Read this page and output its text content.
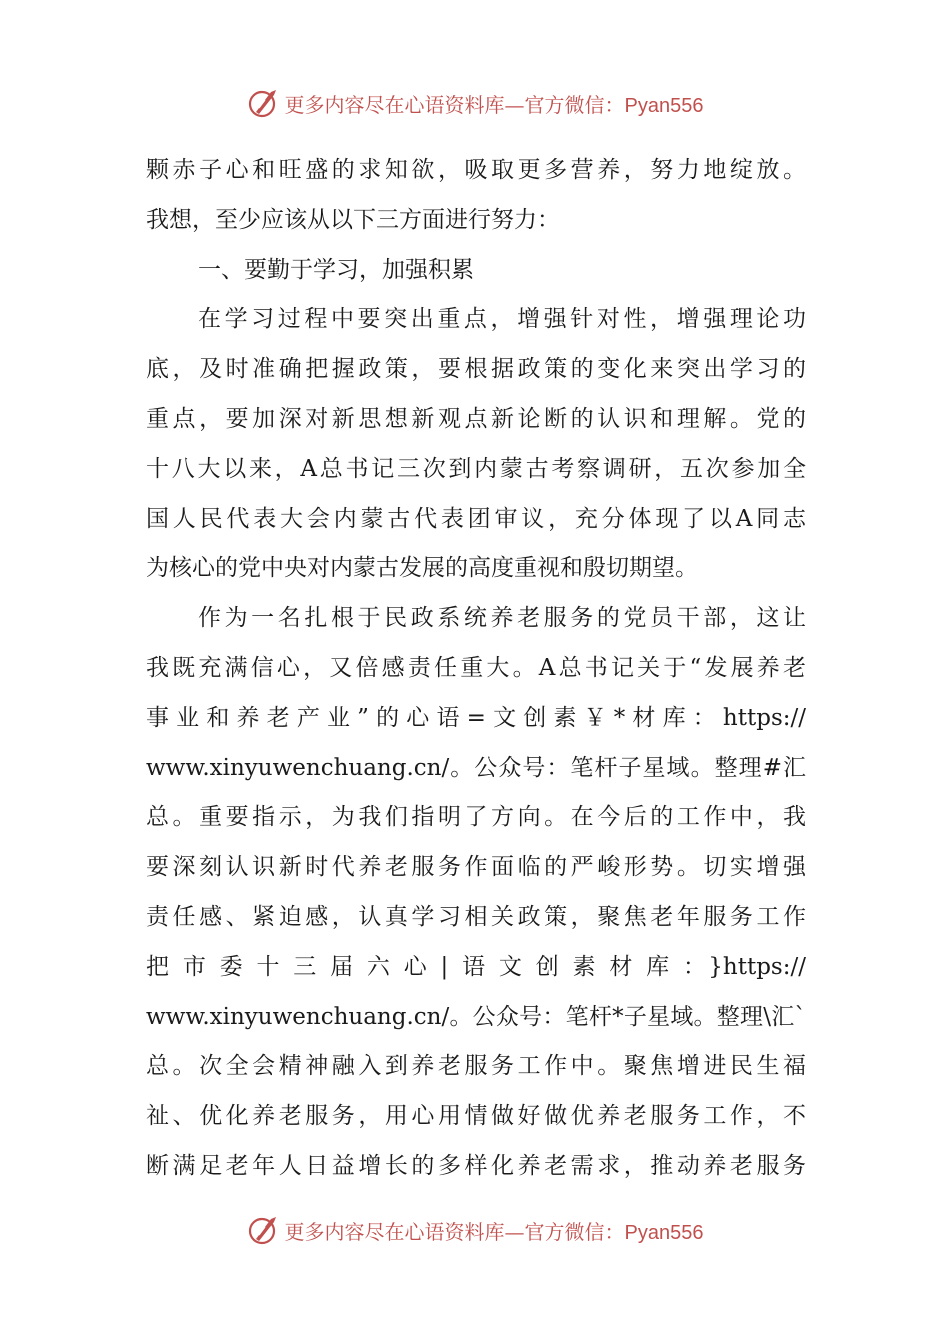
更多内容尽在心语资料库—官方微信：Pyan556
颗赤子心和旺盛的求知欲，吸取更多营养，努力地绽放。
我想，至少应该从以下三方面进行努力：
一、要勤于学习，加强积累
在学习过程中要突出重点，增强针对性，增强理论功
底，及时准确把握政策，要根据政策的变化来突出学习的
重点，要加深对新思想新观点新论断的认识和理解。党的
十八大以来，A总书记三次到内蒙古考察调研，五次参加全
国人民代表大会内蒙古代表团审议，充分体现了以A同志
为核心的党中央对内蒙古发展的高度重视和殷切期望。
作为一名扎根于民政系统养老服务的党员干部，这让
我既充满信心，又倍感责任重大。A总书记关于“发展养老
事业和养老产业”的心语=文创素￥*材库：https://
www.xinyuwenchuang.cn/。公众号：笔杆子星域。整理#汇
总。重要指示，为我们指明了方向。在今后的工作中，我
要深刻认识新时代养老服务作面临的严峻形势。切实增强
责任感、紧迫感，认真学习相关政策，聚焦老年服务工作
把市委十三届六心|语文创素材库：}https://
www.xinyuwenchuang.cn/。公众号：笔杆*子星域。整理\汇`
总。次全会精神融入到养老服务工作中。聚焦增进民生福
祉、优化养老服务，用心用情做好做优养老服务工作，不
断满足老年人日益增长的多样化养老需求，推动养老服务
更多内容尽在心语资料库—官方微信：Pyan556
